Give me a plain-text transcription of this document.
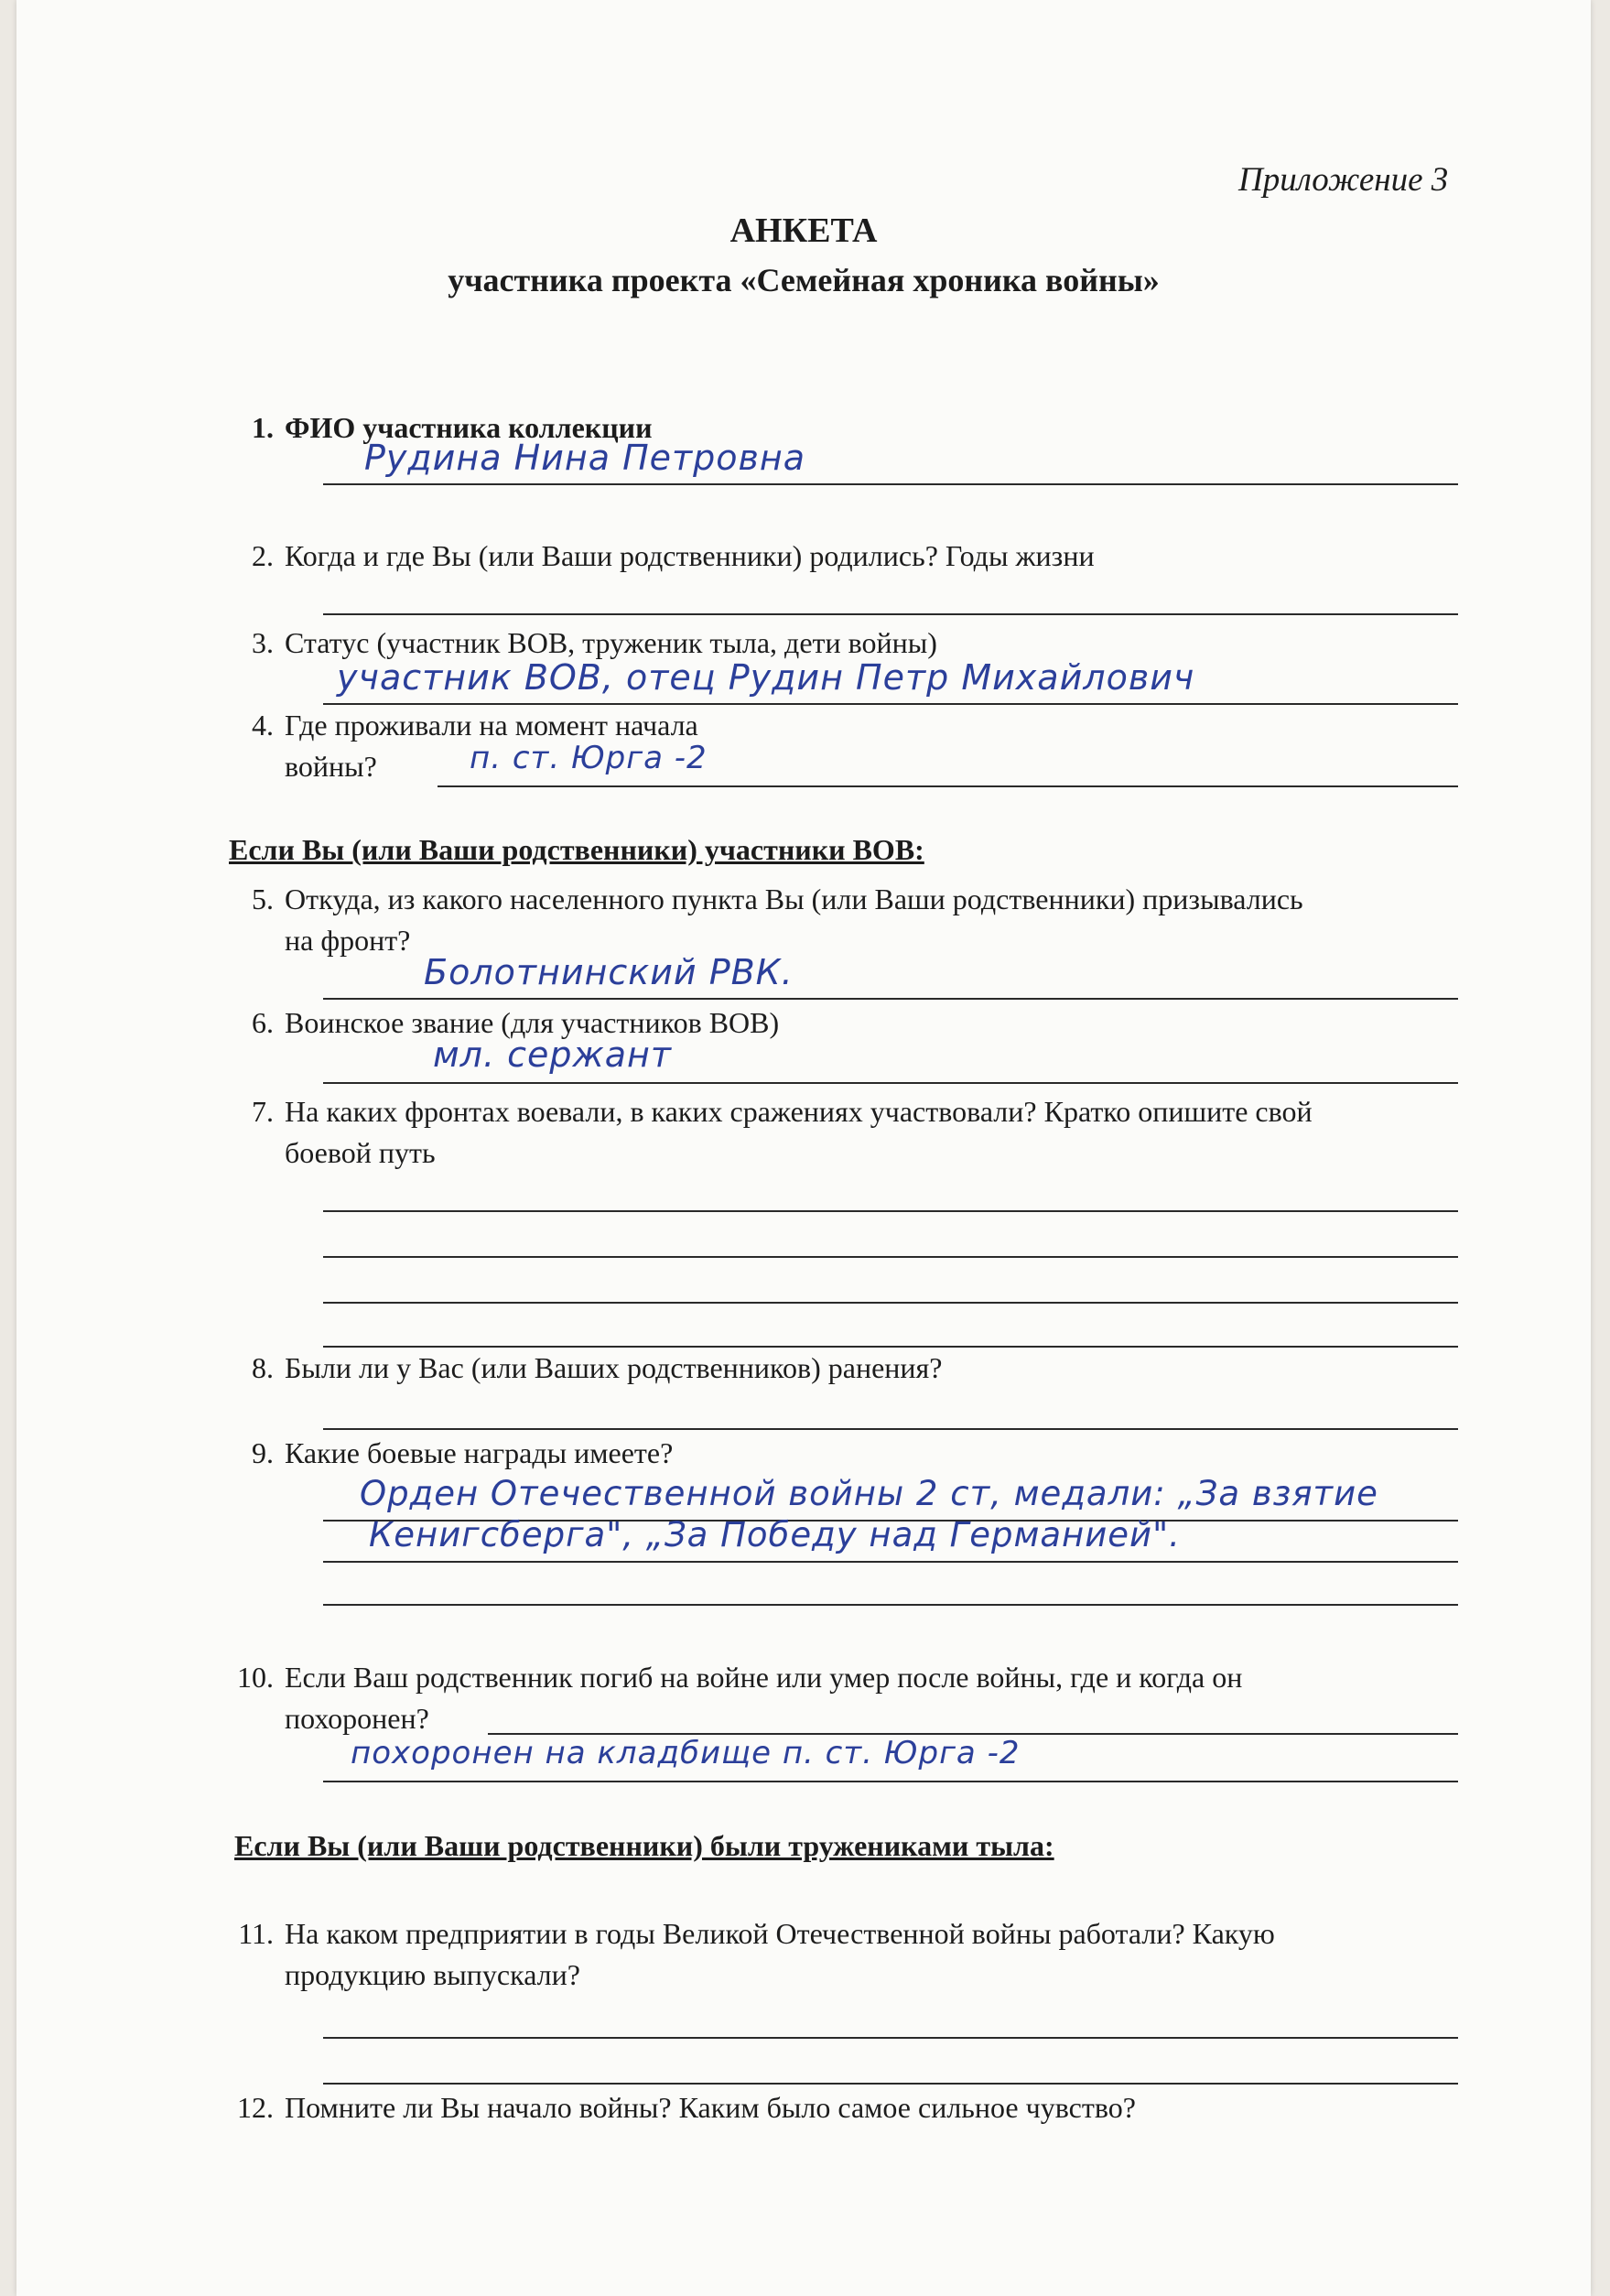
Приложение 3
АНКЕТА
участника проекта «Семейная хроника войны»
1. ФИО участника коллекции
Рудина Нина Петровна
2. Когда и где Вы (или Ваши родственники) родились? Годы жизни
3. Статус (участник ВОВ, труженик тыла, дети войны)
участник ВОВ, отец Рудин Петр Михайлович
4. Где проживали на момент начала
войны?	п. ст. Юрга -2
Если Вы (или Ваши родственники) участники ВОВ:
5. Откуда, из какого населенного пункта Вы (или Ваши родственники) призывались
на фронт?
Болотнинский РВК.
6. Воинское звание (для участников ВОВ)
мл. сержант
7. На каких фронтах воевали, в каких сражениях участвовали? Кратко опишите свой
боевой путь
8. Были ли у Вас (или Ваших родственников) ранения?
9. Какие боевые награды имеете?
Орден Отечественной войны 2 ст, медали: „За взятие
Кенигсберга", „За Победу над Германией".
10. Если Ваш родственник погиб на войне или умер после войны, где и когда он
похоронен?
похоронен на кладбище п. ст. Юрга -2
Если Вы (или Ваши родственники) были тружениками тыла:
11. На каком предприятии в годы Великой Отечественной войны работали? Какую
продукцию выпускали?
12. Помните ли Вы начало войны? Каким было самое сильное чувство?
